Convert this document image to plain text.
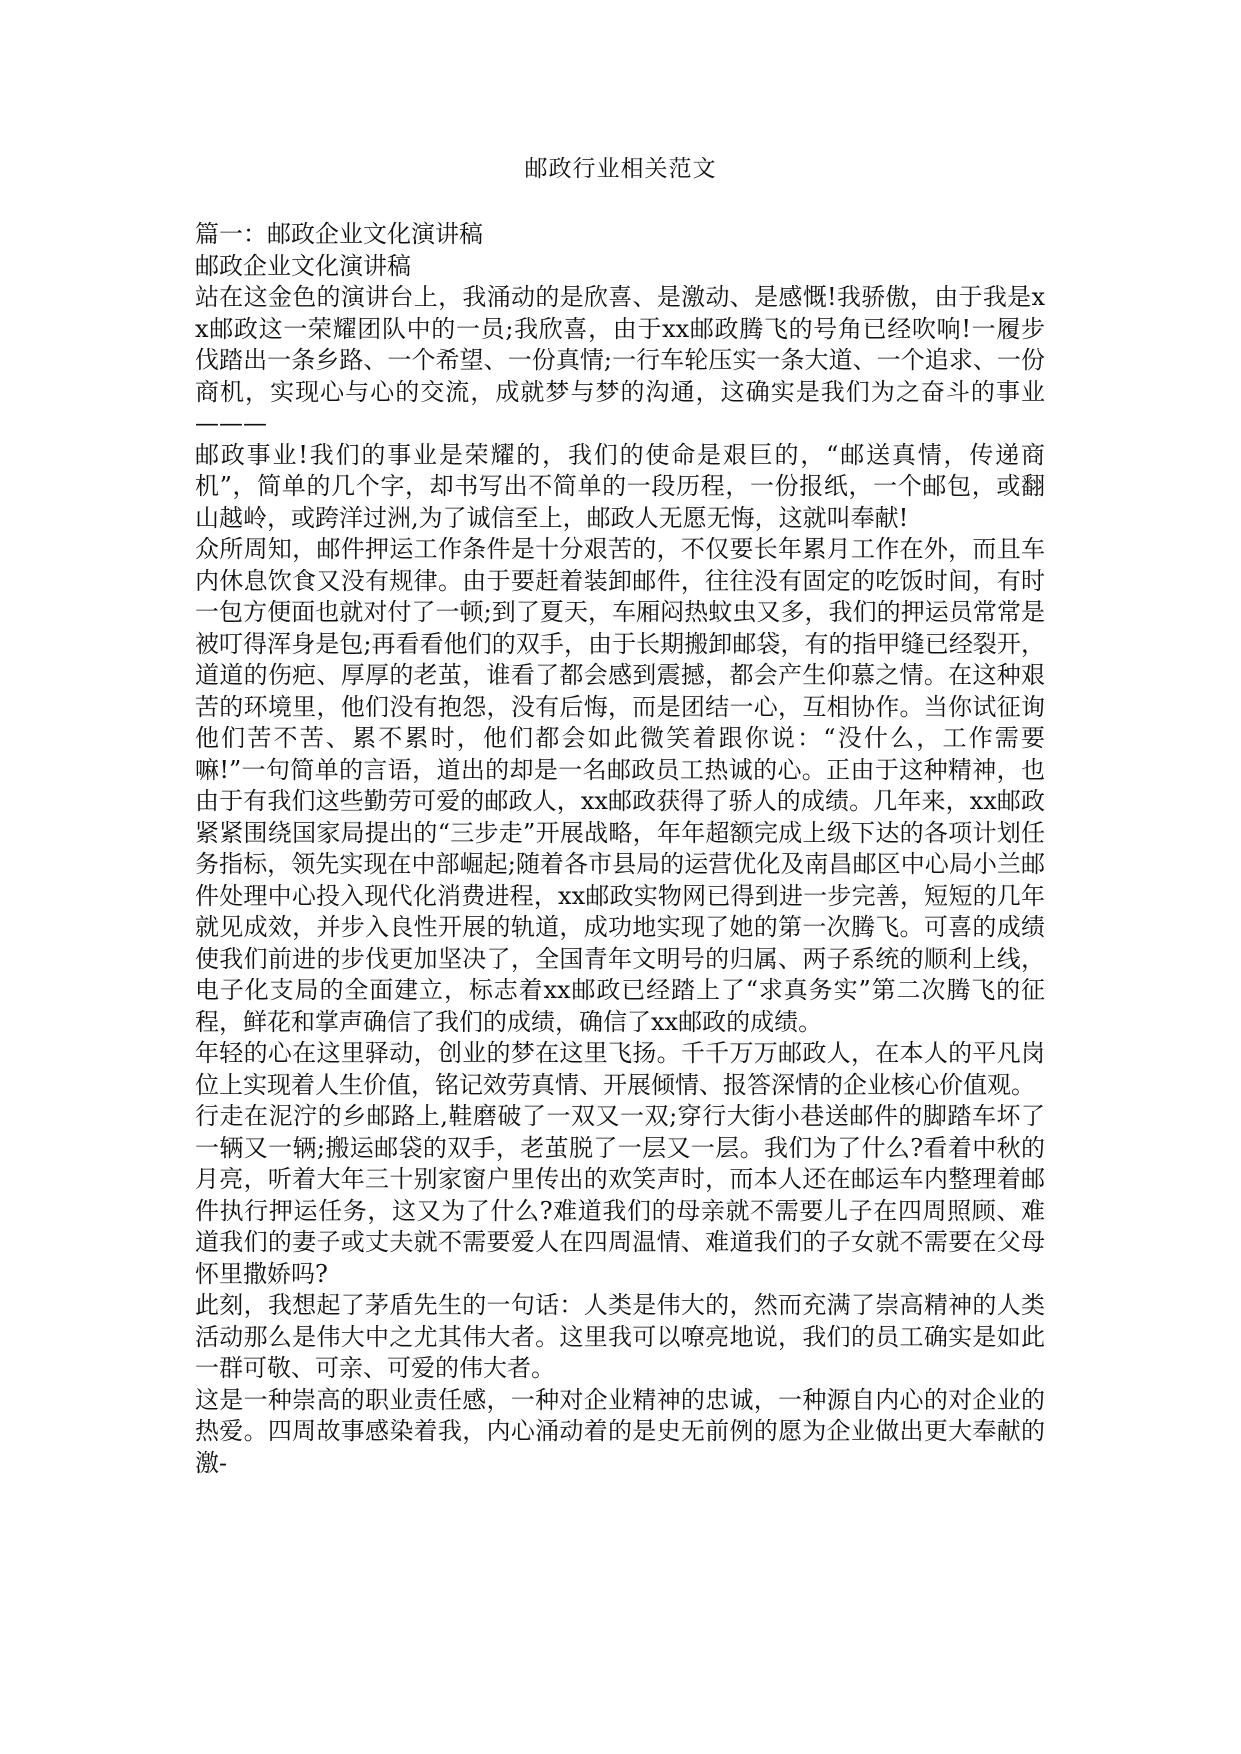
邮政行业相关范文

篇一：邮政企业文化演讲稿

邮政企业文化演讲稿

站在这金色的演讲台上，我涌动的是欣喜、是激动、是感慨!我骄傲，由于我是xx邮政这一荣耀团队中的一员;我欣喜，由于xx邮政腾飞的号角已经吹响!一履步伐踏出一条乡路、一个希望、一份真情;一行车轮压实一条大道、一个追求、一份商机，实现心与心的交流，成就梦与梦的沟通，这确实是我们为之奋斗的事业———

邮政事业!我们的事业是荣耀的，我们的使命是艰巨的，“邮送真情，传递商机”，简单的几个字，却书写出不简单的一段历程，一份报纸，一个邮包，或翻山越岭，或跨洋过洲,为了诚信至上，邮政人无愿无悔，这就叫奉献!

众所周知，邮件押运工作条件是十分艰苦的，不仅要长年累月工作在外，而且车内休息饮食又没有规律。由于要赶着装卸邮件，往往没有固定的吃饭时间，有时一包方便面也就对付了一顿;到了夏天，车厢闷热蚊虫又多，我们的押运员常常是被叮得浑身是包;再看看他们的双手，由于长期搬卸邮袋，有的指甲缝已经裂开，道道的伤疤、厚厚的老茧，谁看了都会感到震撼，都会产生仰慕之情。在这种艰苦的环境里，他们没有抱怨，没有后悔，而是团结一心，互相协作。当你试征询他们苦不苦、累不累时，他们都会如此微笑着跟你说：“没什么，工作需要嘛!”一句简单的言语，道出的却是一名邮政员工热诚的心。正由于这种精神，也由于有我们这些勤劳可爱的邮政人，xx邮政获得了骄人的成绩。几年来，xx邮政紧紧围绕国家局提出的“三步走”开展战略，年年超额完成上级下达的各项计划任务指标，领先实现在中部崛起;随着各市县局的运营优化及南昌邮区中心局小兰邮件处理中心投入现代化消费进程，xx邮政实物网已得到进一步完善，短短的几年就见成效，并步入良性开展的轨道，成功地实现了她的第一次腾飞。可喜的成绩使我们前进的步伐更加坚决了，全国青年文明号的归属、两子系统的顺利上线，电子化支局的全面建立，标志着xx邮政已经踏上了“求真务实”第二次腾飞的征程，鲜花和掌声确信了我们的成绩，确信了xx邮政的成绩。

年轻的心在这里驿动，创业的梦在这里飞扬。千千万万邮政人，在本人的平凡岗位上实现着人生价值，铭记效劳真情、开展倾情、报答深情的企业核心价值观。

行走在泥泞的乡邮路上,鞋磨破了一双又一双;穿行大街小巷送邮件的脚踏车坏了一辆又一辆;搬运邮袋的双手，老茧脱了一层又一层。我们为了什么?看着中秋的月亮，听着大年三十别家窗户里传出的欢笑声时，而本人还在邮运车内整理着邮件执行押运任务，这又为了什么?难道我们的母亲就不需要儿子在四周照顾、难道我们的妻子或丈夫就不需要爱人在四周温情、难道我们的子女就不需要在父母怀里撒娇吗?

此刻，我想起了茅盾先生的一句话：人类是伟大的，然而充满了崇高精神的人类活动那么是伟大中之尤其伟大者。这里我可以嘹亮地说，我们的员工确实是如此一群可敬、可亲、可爱的伟大者。

这是一种崇高的职业责任感，一种对企业精神的忠诚，一种源自内心的对企业的热爱。四周故事感染着我，内心涌动着的是史无前例的愿为企业做出更大奉献的激-
